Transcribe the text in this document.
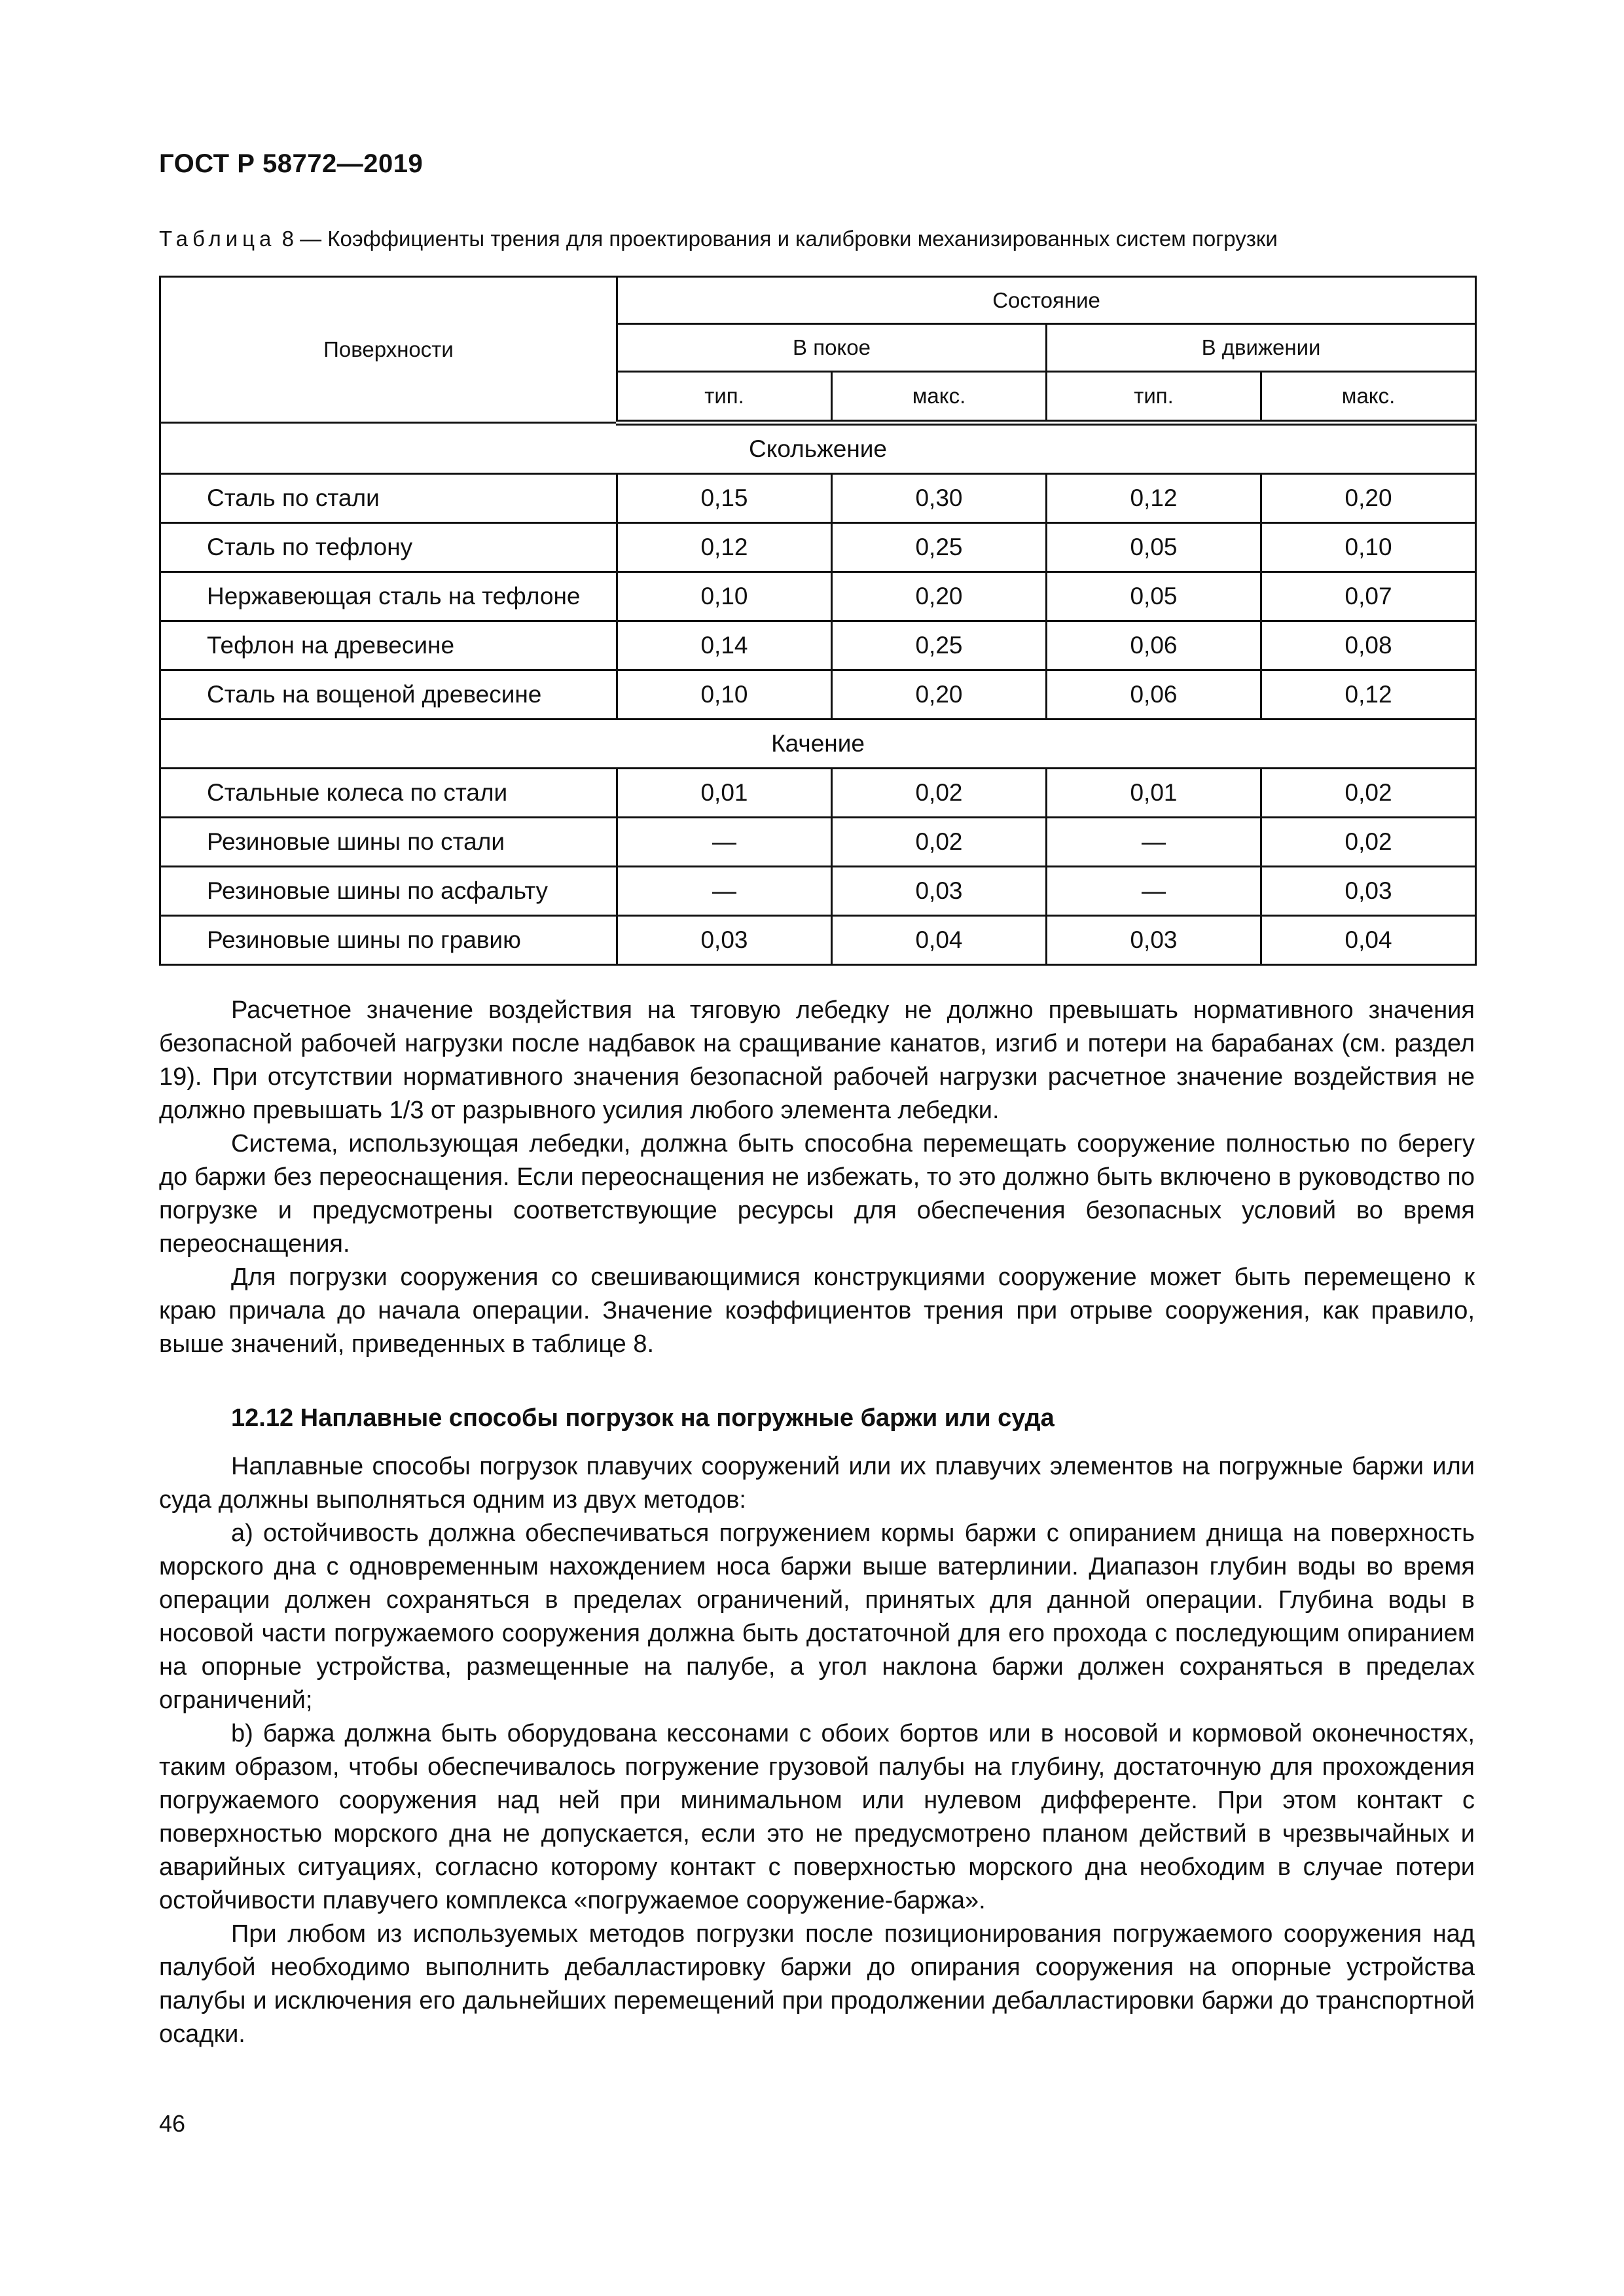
ГОСТ Р 58772—2019
Таблица 8 — Коэффициенты трения для проектирования и калибровки механизированных систем погрузки
Поверхности	Состояние			
	В покое		В движении	
	тип.	макс.	тип.	макс.
Скольжение				
Сталь по стали	0,15	0,30	0,12	0,20
Сталь по тефлону	0,12	0,25	0,05	0,10
Нержавеющая сталь на тефлоне	0,10	0,20	0,05	0,07
Тефлон на древесине	0,14	0,25	0,06	0,08
Сталь на вощеной древесине	0,10	0,20	0,06	0,12
Качение				
Стальные колеса по стали	0,01	0,02	0,01	0,02
Резиновые шины по стали	—	0,02	—	0,02
Резиновые шины по асфальту	—	0,03	—	0,03
Резиновые шины по гравию	0,03	0,04	0,03	0,04

Расчетное значение воздействия на тяговую лебедку не должно превышать нормативного значения безопасной рабочей нагрузки после надбавок на сращивание канатов, изгиб и потери на барабанах (см. раздел 19). При отсутствии нормативного значения безопасной рабочей нагрузки расчетное значение воздействия не должно превышать 1/3 от разрывного усилия любого элемента лебедки.

Система, использующая лебедки, должна быть способна перемещать сооружение полностью по берегу до баржи без переоснащения. Если переоснащения не избежать, то это должно быть включено в руководство по погрузке и предусмотрены соответствующие ресурсы для обеспечения безопасных условий во время переоснащения.

Для погрузки сооружения со свешивающимися конструкциями сооружение может быть перемещено к краю причала до начала операции. Значение коэффициентов трения при отрыве сооружения, как правило, выше значений, приведенных в таблице 8.

12.12 Наплавные способы погрузок на погружные баржи или суда

Наплавные способы погрузок плавучих сооружений или их плавучих элементов на погружные баржи или суда должны выполняться одним из двух методов:

а) остойчивость должна обеспечиваться погружением кормы баржи с опиранием днища на поверхность морского дна с одновременным нахождением носа баржи выше ватерлинии. Диапазон глубин воды во время операции должен сохраняться в пределах ограничений, принятых для данной операции. Глубина воды в носовой части погружаемого сооружения должна быть достаточной для его прохода с последующим опиранием на опорные устройства, размещенные на палубе, а угол наклона баржи должен сохраняться в пределах ограничений;

b) баржа должна быть оборудована кессонами с обоих бортов или в носовой и кормовой оконечностях, таким образом, чтобы обеспечивалось погружение грузовой палубы на глубину, достаточную для прохождения погружаемого сооружения над ней при минимальном или нулевом дифференте. При этом контакт с поверхностью морского дна не допускается, если это не предусмотрено планом действий в чрезвычайных и аварийных ситуациях, согласно которому контакт с поверхностью морского дна необходим в случае потери остойчивости плавучего комплекса «погружаемое сооружение-баржа».

При любом из используемых методов погрузки после позиционирования погружаемого сооружения над палубой необходимо выполнить дебалластировку баржи до опирания сооружения на опорные устройства палубы и исключения его дальнейших перемещений при продолжении дебалластировки баржи до транспортной осадки.

46
